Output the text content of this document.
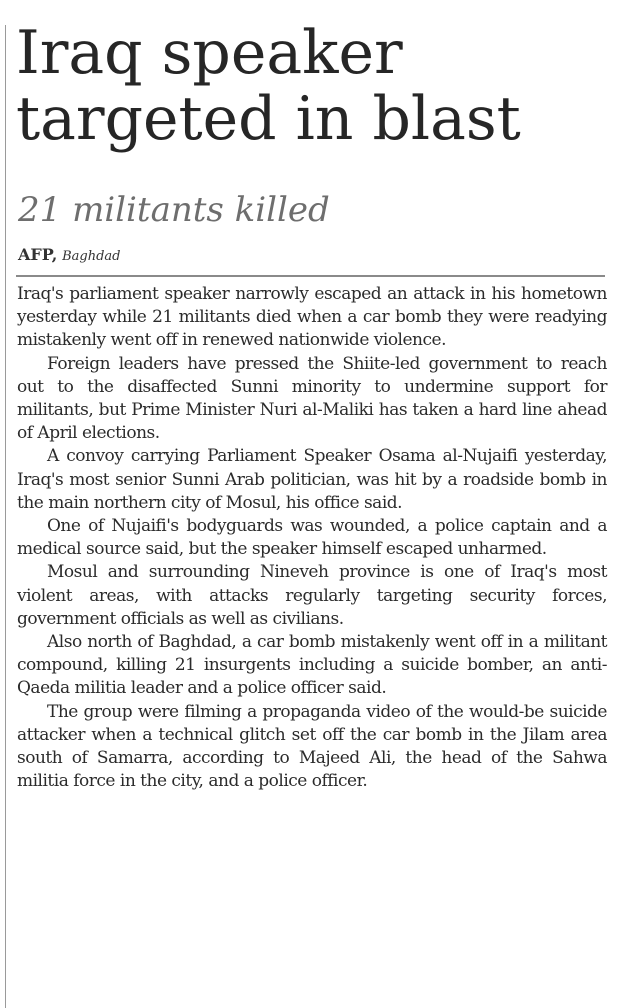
Iraq speaker
targeted in blast
21 militants killed
AFP, Baghdad

Iraq's parliament speaker narrowly escaped an attack in his hometown yesterday while 21 militants died when a car bomb they were readying mistakenly went off in renewed nationwide violence.

Foreign leaders have pressed the Shiite-led government to reach out to the disaffected Sunni minority to undermine support for militants, but Prime Minister Nuri al-Maliki has taken a hard line ahead of April elections.

A convoy carrying Parliament Speaker Osama al-Nujaifi yesterday, Iraq's most senior Sunni Arab politician, was hit by a roadside bomb in the main northern city of Mosul, his office said.

One of Nujaifi's bodyguards was wounded, a police captain and a medical source said, but the speaker himself escaped unharmed.

Mosul and surrounding Nineveh province is one of Iraq's most violent areas, with attacks regularly targeting security forces, government officials as well as civilians.

Also north of Baghdad, a car bomb mistakenly went off in a militant compound, killing 21 insurgents including a suicide bomber, an anti-Qaeda militia leader and a police officer said.

The group were filming a propaganda video of the would-be suicide attacker when a technical glitch set off the car bomb in the Jilam area south of Samarra, according to Majeed Ali, the head of the Sahwa militia force in the city, and a police officer.
